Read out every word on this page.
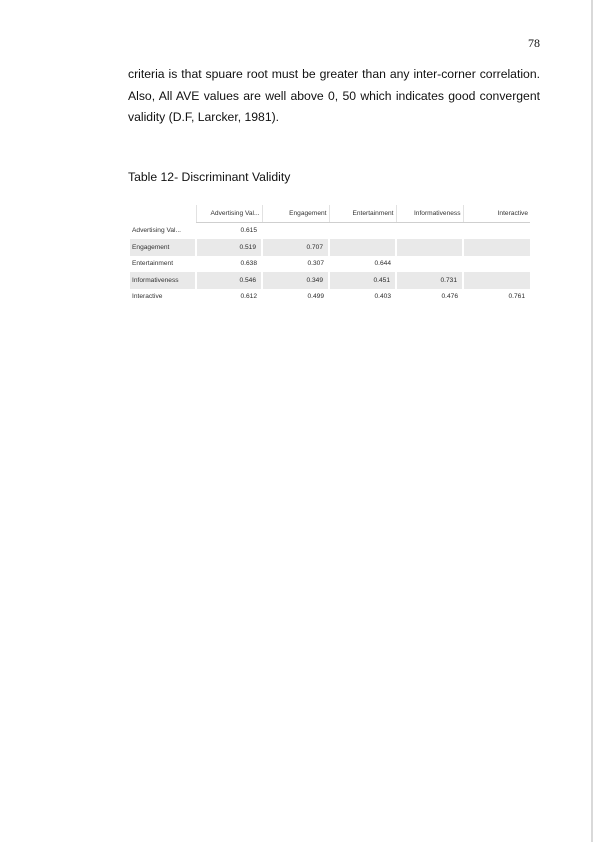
78

criteria is that spuare root must be greater than any inter-corner correlation.
Also, All AVE values are well above 0, 50 which indicates good convergent
validity (D.F, Larcker, 1981).

Table 12- Discriminant Validity

	Advertising Val...	Engagement	Entertainment	Informativeness	Interactive
Advertising Val...	0.615				
Engagement	0.519	0.707			
Entertainment	0.638	0.307	0.644		
Informativeness	0.546	0.349	0.451	0.731	
Interactive	0.612	0.499	0.403	0.476	0.761
